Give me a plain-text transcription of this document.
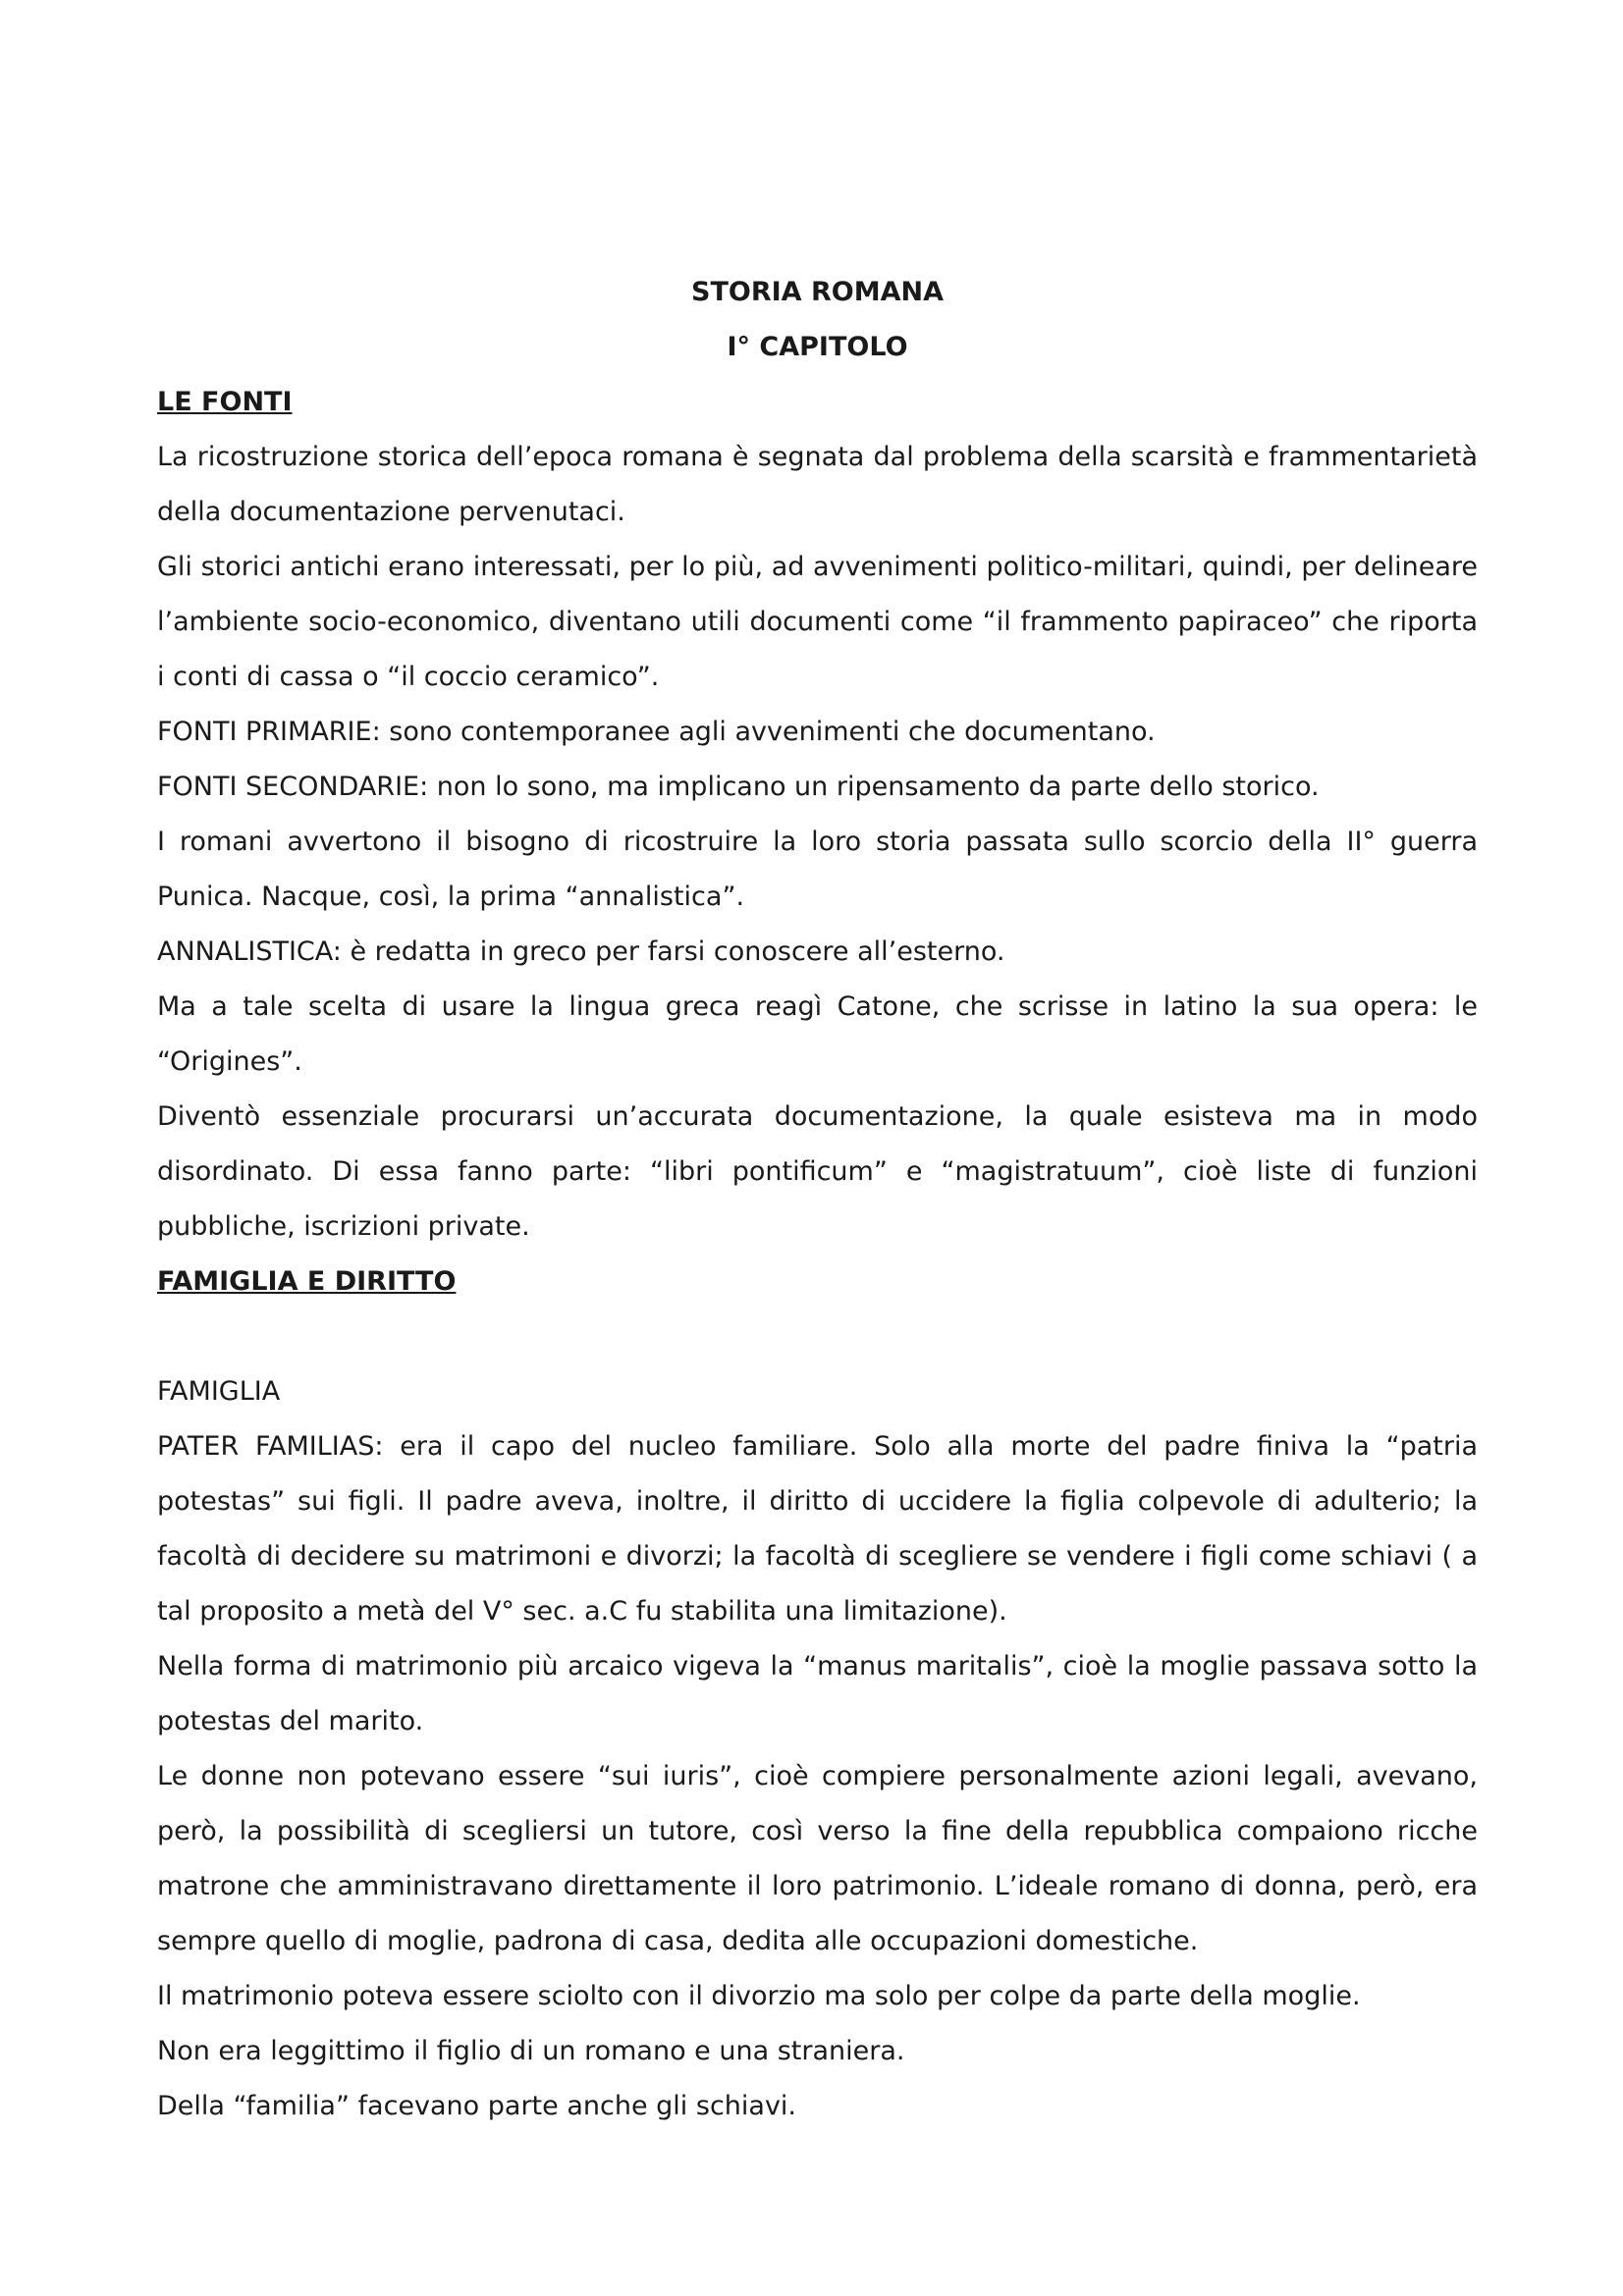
STORIA ROMANA

I° CAPITOLO

LE FONTI

La ricostruzione storica dell’epoca romana è segnata dal problema della scarsità e frammentarietà della documentazione pervenutaci.

Gli storici antichi erano interessati, per lo più, ad avvenimenti politico-militari, quindi, per delineare l’ambiente socio-economico, diventano utili documenti come “il frammento papiraceo” che riporta i conti di cassa o “il coccio ceramico”.

FONTI PRIMARIE: sono contemporanee agli avvenimenti che documentano.

FONTI SECONDARIE: non lo sono, ma implicano un ripensamento da parte dello storico.

I romani avvertono il bisogno di ricostruire la loro storia passata sullo scorcio della II° guerra Punica. Nacque, così, la prima “annalistica”.

ANNALISTICA: è redatta in greco per farsi conoscere all’esterno.

Ma a tale scelta di usare la lingua greca reagì Catone, che scrisse in latino la sua opera: le “Origines”.

Diventò essenziale procurarsi un’accurata documentazione, la quale esisteva ma in modo disordinato. Di essa fanno parte: “libri pontificum” e “magistratuum”, cioè liste di funzioni pubbliche, iscrizioni private.

FAMIGLIA E DIRITTO

FAMIGLIA

PATER FAMILIAS: era il capo del nucleo familiare. Solo alla morte del padre finiva la “patria potestas” sui figli. Il padre aveva, inoltre, il diritto di uccidere la figlia colpevole di adulterio; la facoltà di decidere su matrimoni e divorzi; la facoltà di scegliere se vendere i figli come schiavi ( a tal proposito a metà del V° sec. a.C fu stabilita una limitazione).

Nella forma di matrimonio più arcaico vigeva la “manus maritalis”, cioè la moglie passava sotto la potestas del marito.

Le donne non potevano essere “sui iuris”, cioè compiere personalmente azioni legali, avevano, però, la possibilità di scegliersi un tutore, così verso la fine della repubblica compaiono ricche matrone che amministravano direttamente il loro patrimonio. L’ideale romano di donna, però, era sempre quello di moglie, padrona di casa, dedita alle occupazioni domestiche.

Il matrimonio poteva essere sciolto con il divorzio ma solo per colpe da parte della moglie.

Non era leggittimo il figlio di un romano e una straniera.

Della “familia” facevano parte anche gli schiavi.
